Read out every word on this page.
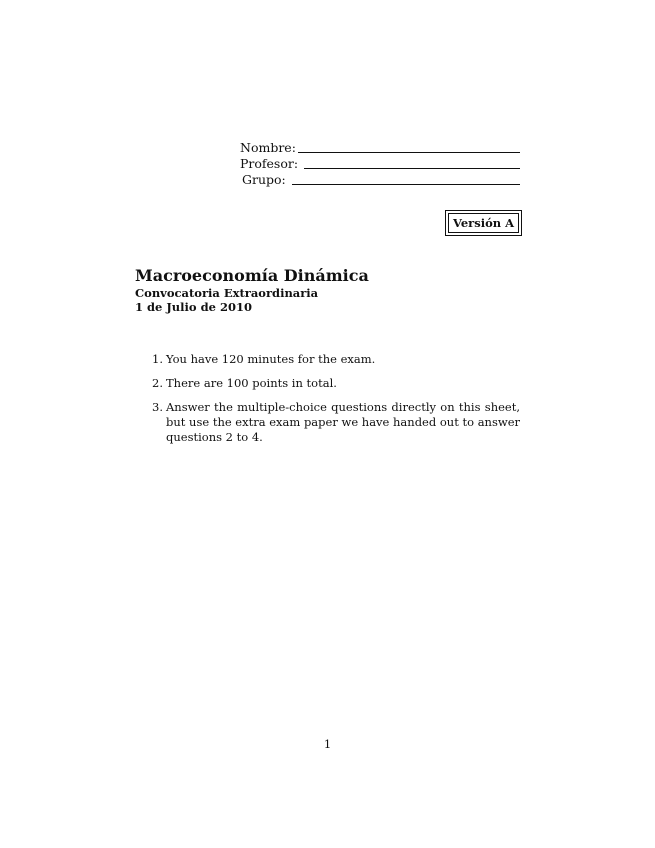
Nombre:
Profesor:
Grupo:
Versión A
Macroeconomía Dinámica
Convocatoria Extraordinaria
1 de Julio de 2010
1. You have 120 minutes for the exam.
2. There are 100 points in total.
3. Answer the multiple-choice questions directly on this sheet, but use the extra exam paper we have handed out to answer questions 2 to 4.
1
